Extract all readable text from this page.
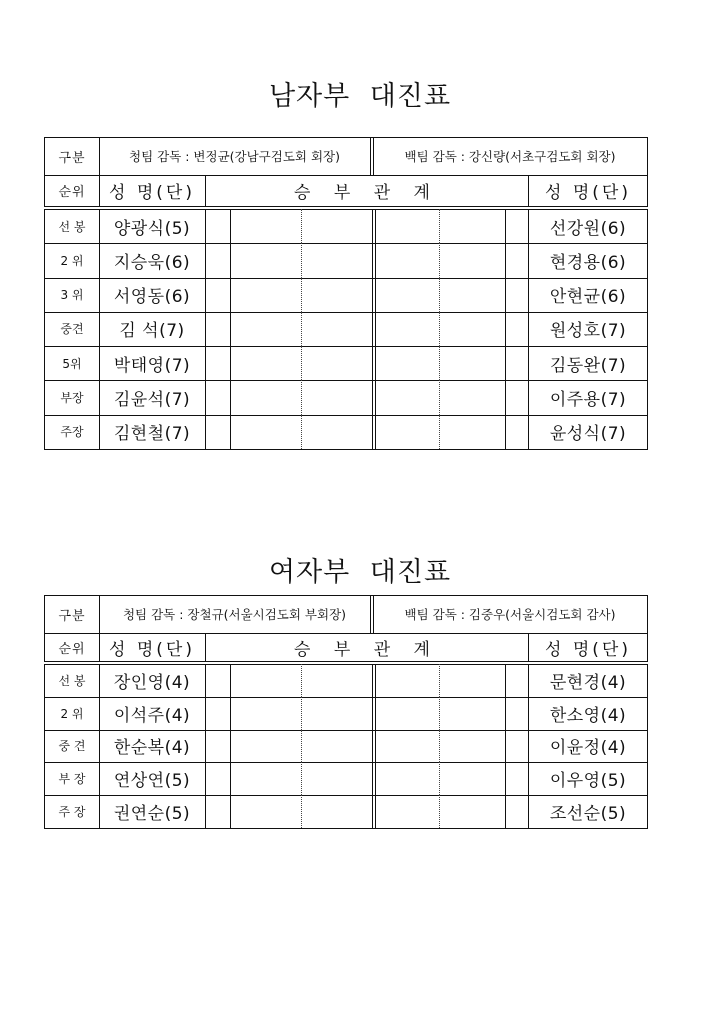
남자부 대진표
구분	청팀 감독 : 변정균(강남구검도회 회장)	백팀 감독 : 강신량(서초구검도회 회장)
순위	성 명(단)	승 부 관 계	성 명(단)
선 봉	양광식(5)	선강원(6)
2 위	지승욱(6)	현경용(6)
3 위	서영동(6)	안현균(6)
중견	김 석(7)	원성호(7)
5위	박태영(7)	김동완(7)
부장	김윤석(7)	이주용(7)
주장	김현철(7)	윤성식(7)
여자부 대진표
구분	청팀 감독 : 장철규(서울시검도회 부회장)	백팀 감독 : 김중우(서울시검도회 감사)
순위	성 명(단)	승 부 관 계	성 명(단)
선 봉	장인영(4)	문현경(4)
2 위	이석주(4)	한소영(4)
중 견	한순복(4)	이윤정(4)
부 장	연상연(5)	이우영(5)
주 장	권연순(5)	조선순(5)
